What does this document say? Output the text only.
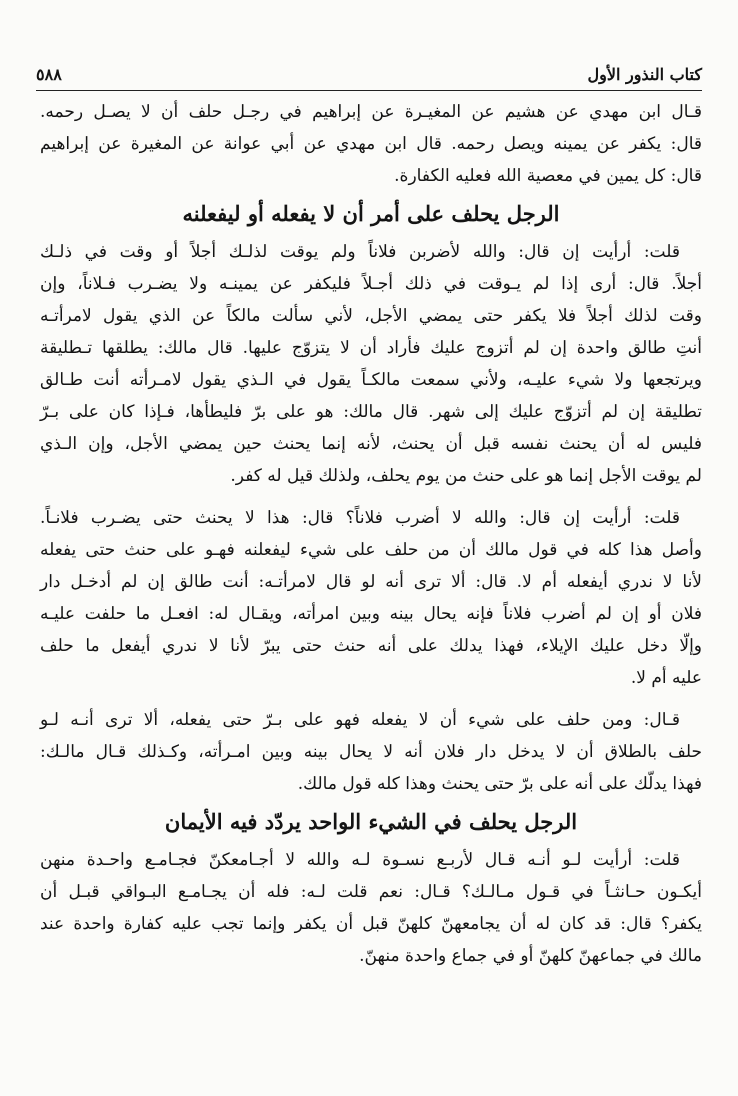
كتاب النذور الأول
٥٨٨

قـال ابن مهدي عن هشيم عن المغيـرة عن إبراهيم في رجـل حلف أن لا يصـل رحمه.

قال: يكفر عن يمينه ويصل رحمه. قال ابن مهدي عن أبي عوانة عن المغيرة عن إبراهيم

قال: كل يمين في معصية الله فعليه الكفارة.

الرجل يحلف على أمر أن لا يفعله أو ليفعلنه

قلت: أرأيت إن قال: والله لأضربن فلاناً ولم يوقت لذلـك أجلاً أو وقت في ذلـك

أجلاً. قال: أرى إذا لم يـوقت في ذلك أجـلاً فليكفر عن يمينـه ولا يضـرب فـلاناً، وإن

وقت لذلك أجلاً فلا يكفر حتى يمضي الأجل، لأني سألت مالكاً عن الذي يقول لامرأتـه

أنتِ طالق واحدة إن لم أتزوج عليك فأراد أن لا يتزوّج عليها. قال مالك: يطلقها تـطليقة

ويرتجعها ولا شيء عليـه، ولأني سمعت مالكـاً يقول في الـذي يقول لامـرأته أنت طـالق

تطليقة إن لم أتزوّج عليك إلى شهر. قال مالك: هو على برّ فليطأها، فـإذا كان على بـرّ

فليس له أن يحنث نفسه قبل أن يحنث، لأنه إنما يحنث حين يمضي الأجل، وإن الـذي

لم يوقت الأجل إنما هو على حنث من يوم يحلف، ولذلك قيل له كفر.

قلت: أرأيت إن قال: والله لا أضرب فلاناً؟ قال: هذا لا يحنث حتى يضـرب فلانـاً.

وأصل هذا كله في قول مالك أن من حلف على شيء ليفعلنه فهـو على حنث حتى يفعله

لأنا لا ندري أيفعله أم لا. قال: ألا ترى أنه لو قال لامرأتـه: أنت طالق إن لم أدخـل دار

فلان أو إن لم أضرب فلاناً فإنه يحال بينه وبين امرأته، ويقـال له: افعـل ما حلفت عليـه

وإلّا دخل عليك الإيلاء، فهذا يدلك على أنه حنث حتى يبرّ لأنا لا ندري أيفعل ما حلف

عليه أم لا.

قـال: ومن حلف على شيء أن لا يفعله فهو على بـرّ حتى يفعله، ألا ترى أنـه لـو

حلف بالطلاق أن لا يدخل دار فلان أنه لا يحال بينه وبين امـرأته، وكـذلك قـال مالـك:

فهذا يدلّك على أنه على برّ حتى يحنث وهذا كله قول مالك.

الرجل يحلف في الشيء الواحد يردّد فيه الأيمان

قلت: أرأيت لـو أنـه قـال لأربـع نسـوة لـه والله لا أجـامعكنّ فجـامـع واحـدة منهن

أيكـون حـانثـاً في قـول مـالـك؟ قـال: نعم قلت لـه: فله أن يجـامـع البـواقي قبـل أن

يكفر؟ قال: قد كان له أن يجامعهنّ كلهنّ قبل أن يكفر وإنما تجب عليه كفارة واحدة عند

مالك في جماعهنّ كلهنّ أو في جماع واحدة منهنّ.
